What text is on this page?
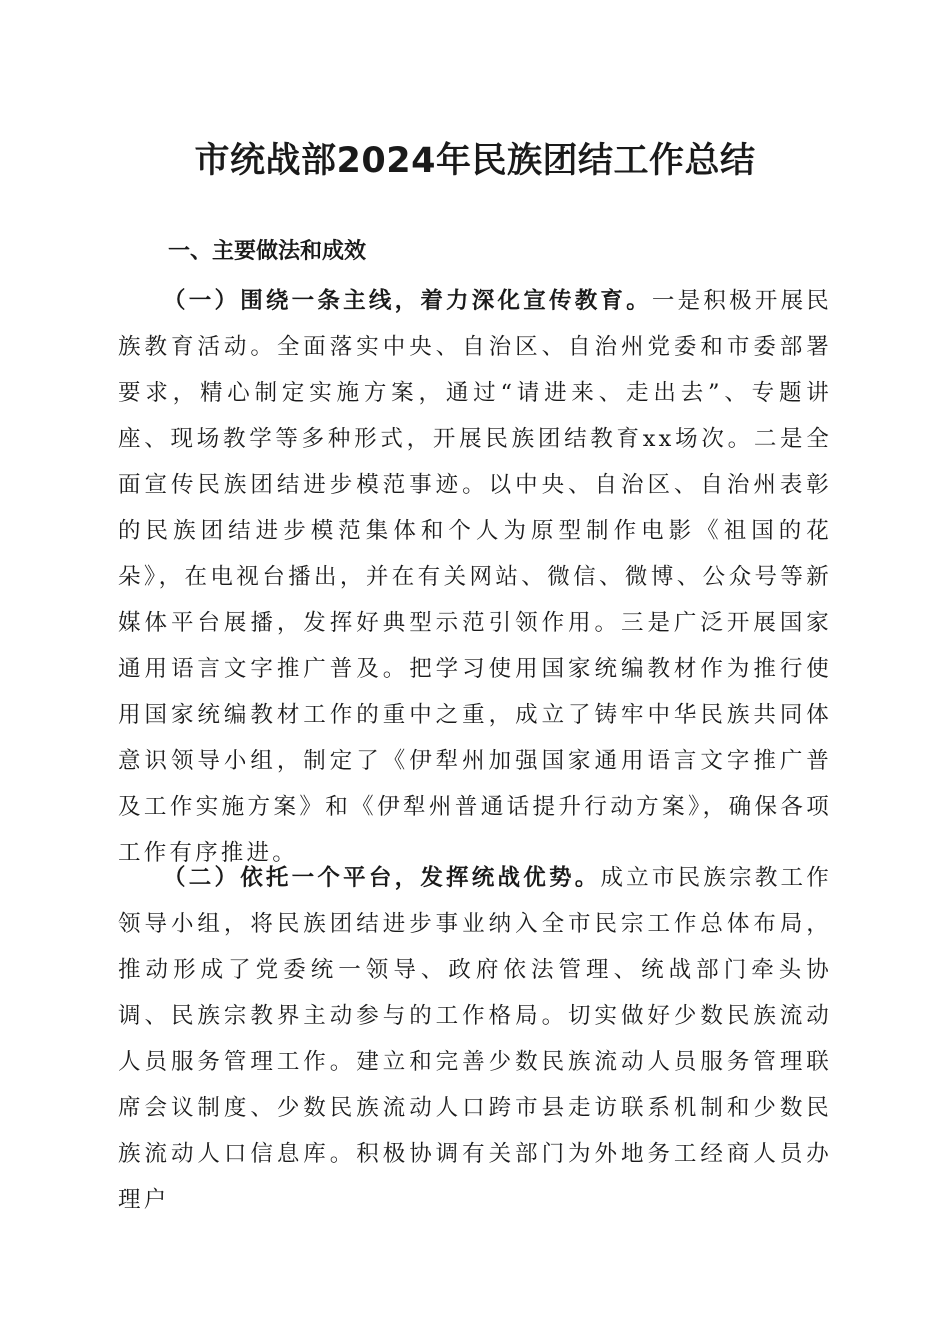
市统战部2024年民族团结工作总结
一、主要做法和成效

（一）围绕一条主线，着力深化宣传教育。一是积极开展民族教育活动。全面落实中央、自治区、自治州党委和市委部署要求，精心制定实施方案，通过“请进来、走出去”、专题讲座、现场教学等多种形式，开展民族团结教育xx场次。二是全面宣传民族团结进步模范事迹。以中央、自治区、自治州表彰的民族团结进步模范集体和个人为原型制作电影《祖国的花朵》，在电视台播出，并在有关网站、微信、微博、公众号等新媒体平台展播，发挥好典型示范引领作用。三是广泛开展国家通用语言文字推广普及。把学习使用国家统编教材作为推行使用国家统编教材工作的重中之重，成立了铸牢中华民族共同体意识领导小组，制定了《伊犁州加强国家通用语言文字推广普及工作实施方案》和《伊犁州普通话提升行动方案》，确保各项工作有序推进。

（二）依托一个平台，发挥统战优势。成立市民族宗教工作领导小组，将民族团结进步事业纳入全市民宗工作总体布局，推动形成了党委统一领导、政府依法管理、统战部门牵头协调、民族宗教界主动参与的工作格局。切实做好少数民族流动人员服务管理工作。建立和完善少数民族流动人员服务管理联席会议制度、少数民族流动人口跨市县走访联系机制和少数民族流动人口信息库。积极协调有关部门为外地务工经商人员办理户
